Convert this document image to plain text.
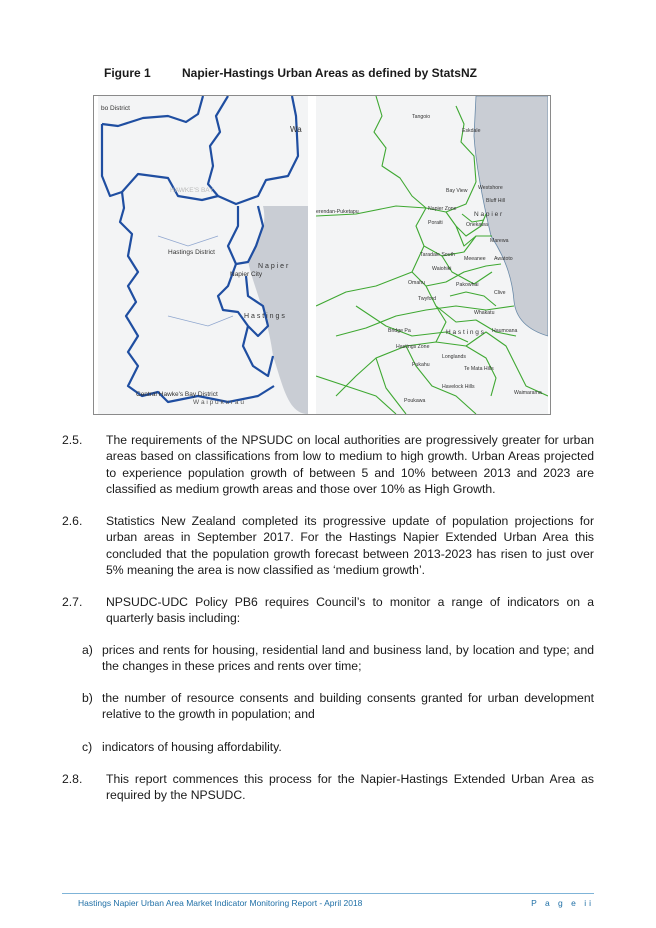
Figure 1	Napier-Hastings Urban Areas as defined by StatsNZ
bo District
Wa
HAWKE'S BAY
Hastings District
N a p i e r
Napier City
H a s t i n g s
Central Hawke's Bay District
W a i p u k u r a u
Tangoio
Eskdale
Bay View Westshore
Bluff Hill
Napier Zone
N a p i e r
erendan-Puketapu
Poraiti	Onekawa
Marewa
Taradale South
Meeanee Awatoto
Waiohiki
Pakowhai
Clive
Omahu
Twyford
Bridge Pa
Whakatu
H a s t i n g s Haumoana
Hastings Zone
Longlands
Pukahu
Te Mata Hills
Havelock Hills
Waimarama
Poukawa
2.5. The requirements of the NPSUDC on local authorities are progressively greater for urban areas based on classifications from low to medium to high growth. Urban Areas projected to experience population growth of between 5 and 10% between 2013 and 2023 are classified as medium growth areas and those over 10% as High Growth.
2.6. Statistics New Zealand completed its progressive update of population projections for urban areas in September 2017. For the Hastings Napier Extended Urban Area this concluded that the population growth forecast between 2013-2023 has risen to just over 5% meaning the area is now classified as ‘medium growth’.
2.7. NPSUDC-UDC Policy PB6 requires Council’s to monitor a range of indicators on a quarterly basis including:
a) prices and rents for housing, residential land and business land, by location and type; and the changes in these prices and rents over time;
b) the number of resource consents and building consents granted for urban development relative to the growth in population; and
c) indicators of housing affordability.
2.8. This report commences this process for the Napier-Hastings Extended Urban Area as required by the NPSUDC.
Hastings Napier Urban Area Market Indicator Monitoring Report - April 2018	P a g e ii
